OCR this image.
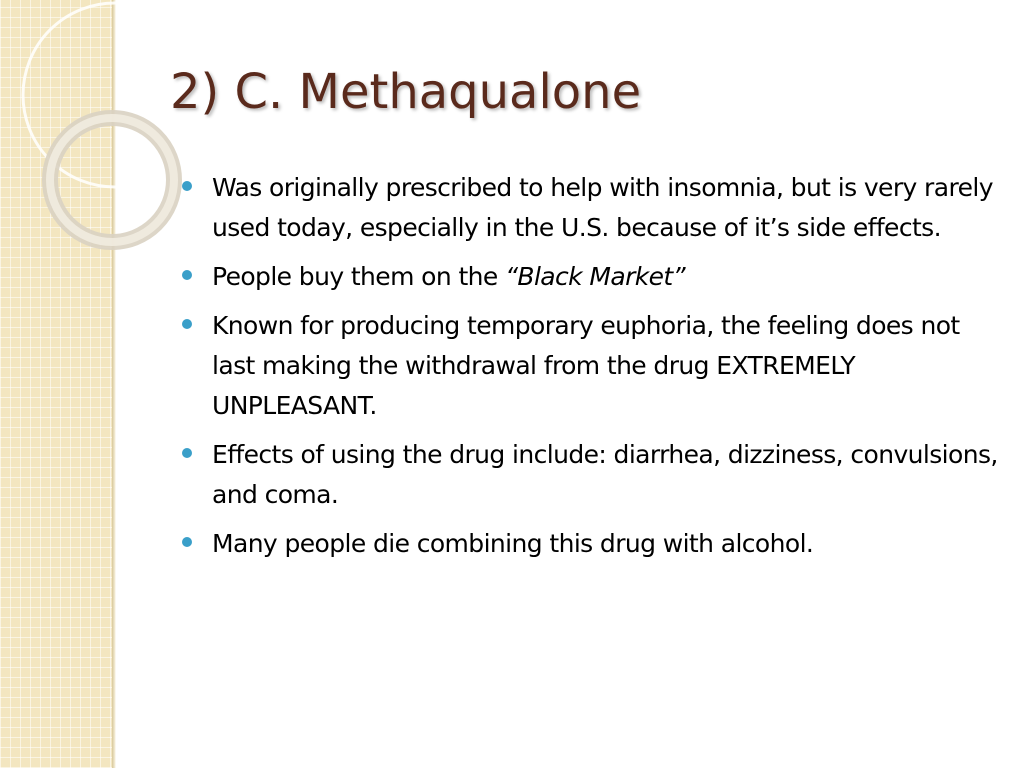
2) C. Methaqualone
Was originally prescribed to help with insomnia, but is very rarely used today, especially in the U.S. because of it’s side effects.
People buy them on the “Black Market”
Known for producing temporary euphoria, the feeling does not last making the withdrawal from the drug EXTREMELY UNPLEASANT.
Effects of using the drug include: diarrhea, dizziness, convulsions, and coma.
Many people die combining this drug with alcohol.
